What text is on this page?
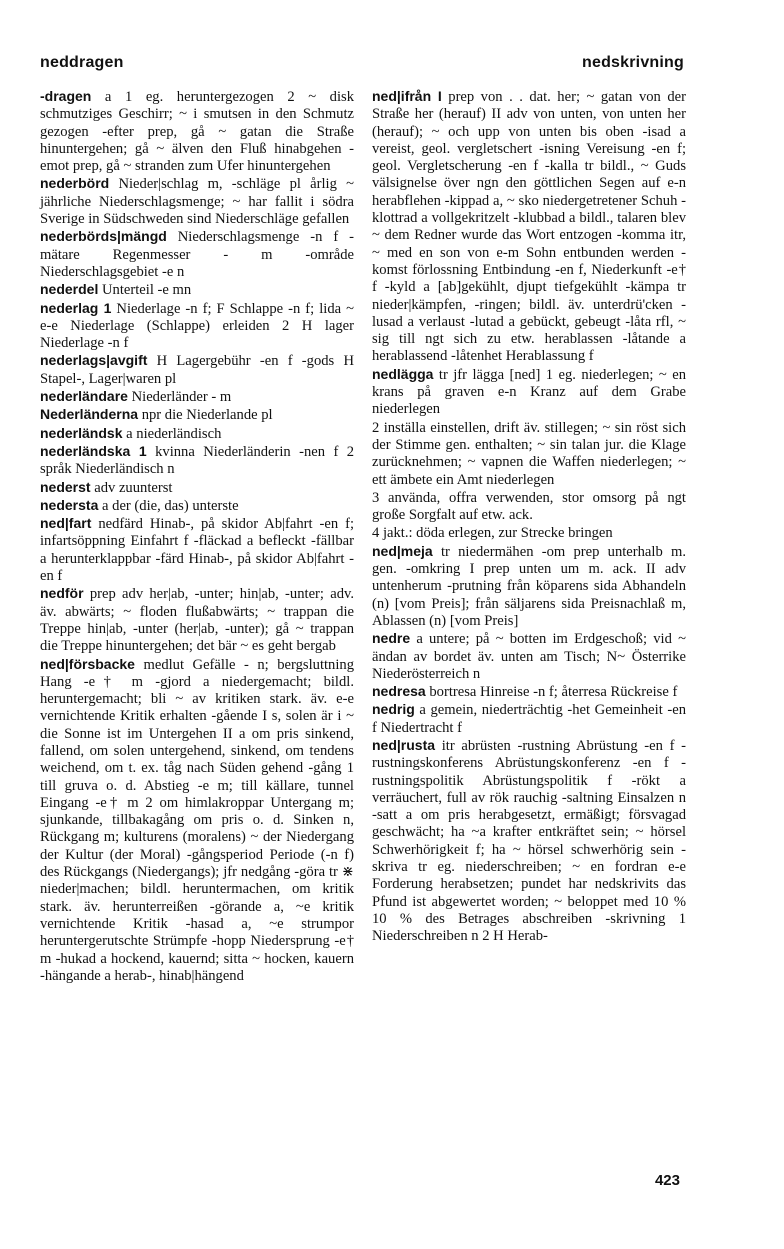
neddragen	nedskrivning

-dragen a 1 eg. heruntergezogen 2 ~ disk schmutziges Geschirr; ~ i smutsen in den Schmutz gezogen -efter prep, gå ~ gatan die Straße hinuntergehen; gå ~ älven den Fluß hinabgehen -emot prep, gå ~ stranden zum Ufer hinuntergehen

nederbörd Nieder|schlag m, -schläge pl årlig ~ jährliche Niederschlagsmenge; ~ har fallit i södra Sverige in Südschweden sind Niederschläge gefallen

nederbörds|mängd Niederschlagsmenge -n f -mätare Regenmesser - m -område Niederschlagsgebiet -e n

nederdel Unterteil -e mn

nederlag 1 Niederlage -n f; F Schlappe -n f; lida ~ e-e Niederlage (Schlappe) erleiden 2 H lager Niederlage -n f

nederlags|avgift H Lagergebühr -en f -gods H Stapel-, Lager|waren pl

nederländare Niederländer - m

Nederländerna npr die Niederlande pl

nederländsk a niederländisch

nederländska 1 kvinna Niederländerin -nen f 2 språk Niederländisch n

nederst adv zuunterst

nedersta a der (die, das) unterste

ned|fart nedfärd Hinab-, på skidor Ab|fahrt -en f; infartsöppning Einfahrt f -fläckad a befleckt -fällbar a herunterklappbar -färd Hinab-, på skidor Ab|fahrt -en f

nedför prep adv her|ab, -unter; hin|ab, -unter; adv. äv. abwärts; ~ floden flußabwärts; ~ trappan die Treppe hin|ab, -unter (her|ab, -unter); gå ~ trappan die Treppe hinuntergehen; det bär ~ es geht bergab

ned|försbacke medlut Gefälle - n; bergsluttning Hang -e† m -gjord a niedergemacht; bildl. heruntergemacht; bli ~ av kritiken stark. äv. e-e vernichtende Kritik erhalten -gående I s, solen är i ~ die Sonne ist im Untergehen II a om pris sinkend, fallend, om solen untergehend, sinkend, om tendens weichend, om t. ex. tåg nach Süden gehend -gång 1 till gruva o. d. Abstieg -e m; till källare, tunnel Eingang -e† m 2 om himlakroppar Untergang m; sjunkande, tillbakagång om pris o. d. Sinken n, Rückgang m; kulturens (moralens) ~ der Niedergang der Kultur (der Moral) -gångsperiod Periode (-n f) des Rückgangs (Niedergangs); jfr nedgång -göra tr ⋇ nieder|machen; bildl. heruntermachen, om kritik stark. äv. herunterreißen -görande a, ~e kritik vernichtende Kritik -hasad a, ~e strumpor heruntergerutschte Strümpfe -hopp Niedersprung -e† m -hukad a hockend, kauernd; sitta ~ hocken, kauern -hängande a herab-, hinab|hängend

ned|ifrån I prep von . . dat. her; ~ gatan von der Straße her (herauf) II adv von unten, von unten her (herauf); ~ och upp von unten bis oben -isad a vereist, geol. vergletschert -isning Vereisung -en f; geol. Vergletscherung -en f -kalla tr bildl., ~ Guds välsignelse över ngn den göttlichen Segen auf e-n herabflehen -kippad a, ~ sko niedergetretener Schuh -klottrad a vollgekritzelt -klubbad a bildl., talaren blev ~ dem Redner wurde das Wort entzogen -komma itr, ~ med en son von e-m Sohn entbunden werden -komst förlossning Entbindung -en f, Niederkunft -e† f -kyld a [ab]gekühlt, djupt tiefgekühlt -kämpa tr nieder|kämpfen, -ringen; bildl. äv. unterdrü'cken -lusad a verlaust -lutad a gebückt, gebeugt -låta rfl, ~ sig till ngt sich zu etw. herablassen -låtande a herablassend -låtenhet Herablassung f

nedlägga tr jfr lägga [ned] 1 eg. niederlegen; ~ en krans på graven e-n Kranz auf dem Grabe niederlegen

2 inställa einstellen, drift äv. stillegen; ~ sin röst sich der Stimme gen. enthalten; ~ sin talan jur. die Klage zurücknehmen; ~ vapnen die Waffen niederlegen; ~ ett ämbete ein Amt niederlegen

3 använda, offra verwenden, stor omsorg på ngt große Sorgfalt auf etw. ack.

4 jakt.: döda erlegen, zur Strecke bringen

ned|meja tr niedermähen -om prep unterhalb m. gen. -omkring I prep unten um m. ack. II adv untenherum -prutning från köparens sida Abhandeln (n) [vom Preis]; från säljarens sida Preisnachlaß m, Ablassen (n) [vom Preis]

nedre a untere; på ~ botten im Erdgeschoß; vid ~ ändan av bordet äv. unten am Tisch; N~ Österrike Niederösterreich n

nedresa bortresa Hinreise -n f; återresa Rückreise f

nedrig a gemein, niederträchtig -het Gemeinheit -en f Niedertracht f

ned|rusta itr abrüsten -rustning Abrüstung -en f -rustningskonferens Abrüstungskonferenz -en f -rustningspolitik Abrüstungspolitik f -rökt a verräuchert, full av rök rauchig -saltning Einsalzen n -satt a om pris herabgesetzt, ermäßigt; försvagad geschwächt; ha ~a krafter entkräftet sein; ~ hörsel Schwerhörigkeit f; ha ~ hörsel schwerhörig sein -skriva tr eg. niederschreiben; ~ en fordran e-e Forderung herabsetzen; pundet har nedskrivits das Pfund ist abgewertet worden; ~ beloppet med 10 % 10 % des Betrages abschreiben -skrivning 1 Niederschreiben n 2 H Herab-

423
